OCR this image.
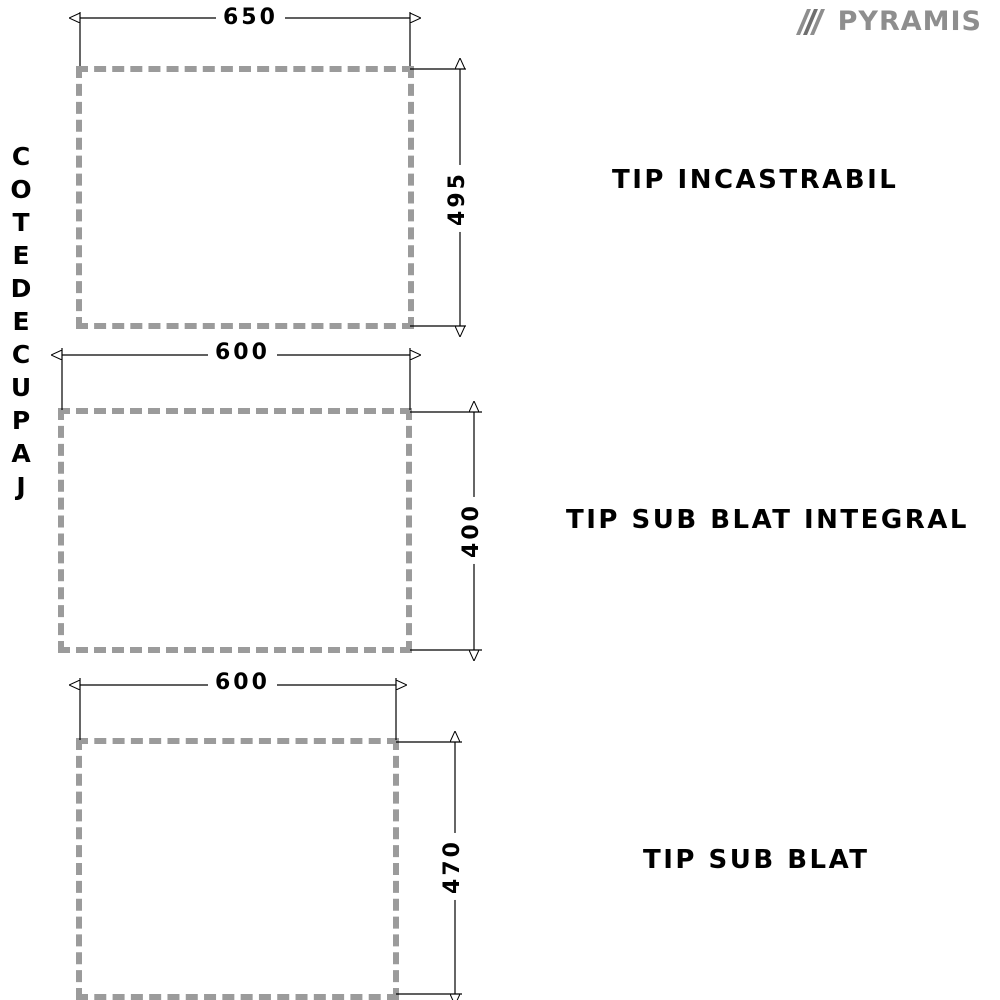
PYRAMIS
C
O
T
E
D
E
C
U
P
A
J
650
495
600
400
600
470
TIP INCASTRABIL
TIP SUB BLAT INTEGRAL
TIP SUB BLAT
